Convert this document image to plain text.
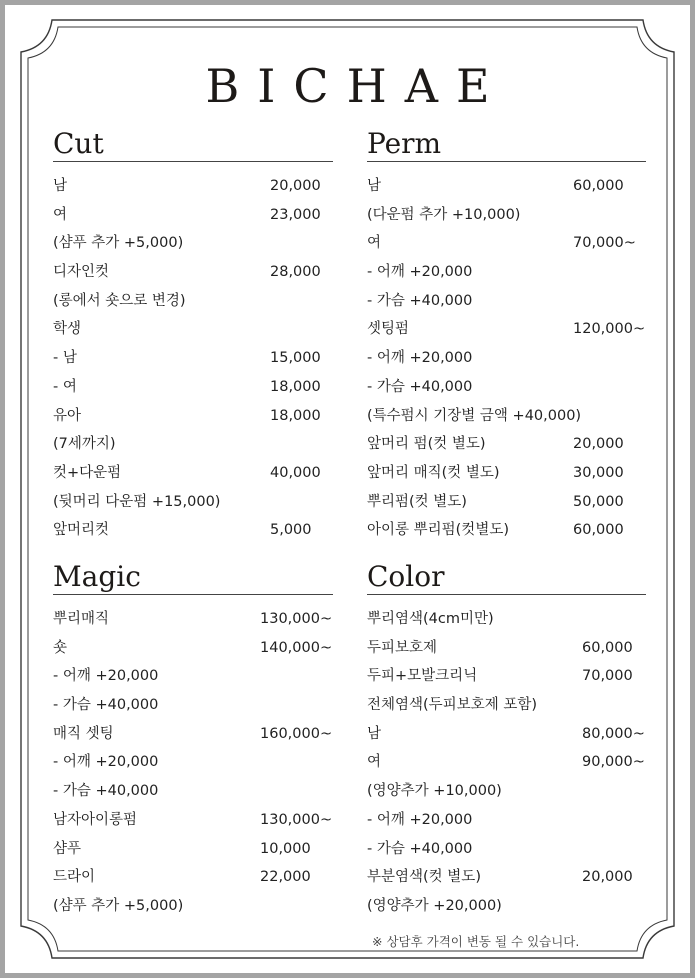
BICHAE
Cut
남	20,000
여	23,000
(샴푸 추가 +5,000)
디자인컷	28,000
(롱에서 숏으로 변경)
학생
- 남	15,000
- 여	18,000
유아	18,000
(7세까지)
컷+다운펌	40,000
(뒷머리 다운펌 +15,000)
앞머리컷	5,000
Perm
남	60,000
(다운펌 추가 +10,000)
여	70,000~
- 어깨 +20,000
- 가슴 +40,000
셋팅펌	120,000~
- 어깨 +20,000
- 가슴 +40,000
(특수펌시 기장별 금액 +40,000)
앞머리 펌(컷 별도)	20,000
앞머리 매직(컷 별도)	30,000
뿌리펌(컷 별도)	50,000
아이롱 뿌리펌(컷별도)	60,000
Magic
뿌리매직	130,000~
숏	140,000~
- 어깨 +20,000
- 가슴 +40,000
매직 셋팅	160,000~
- 어깨 +20,000
- 가슴 +40,000
남자아이롱펌	130,000~
샴푸	10,000
드라이	22,000
(샴푸 추가 +5,000)
Color
뿌리염색(4cm미만)
두피보호제	60,000
두피+모발크리닉	70,000
전체염색(두피보호제 포함)
남	80,000~
여	90,000~
(영양추가 +10,000)
- 어깨 +20,000
- 가슴 +40,000
부분염색(컷 별도)	20,000
(영양추가 +20,000)
※ 상담후 가격이 변동 될 수 있습니다.
